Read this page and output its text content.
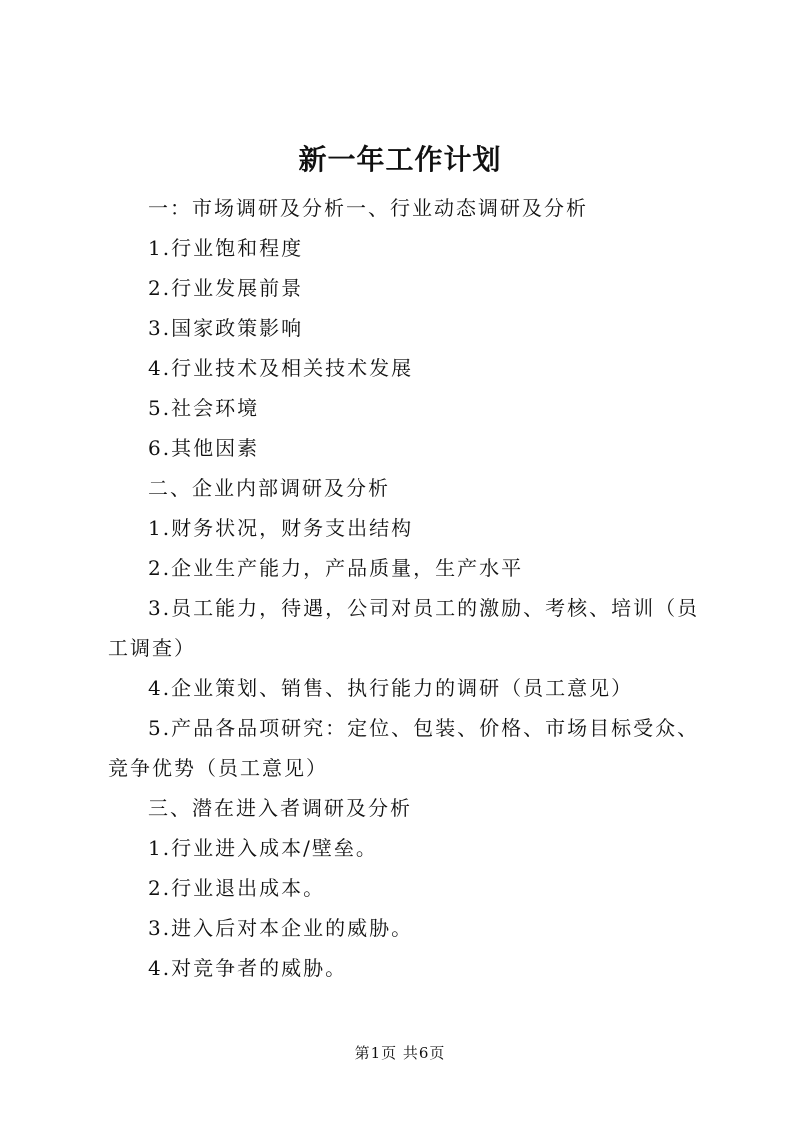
新一年工作计划

一：市场调研及分析一、行业动态调研及分析

1.行业饱和程度

2.行业发展前景

3.国家政策影响

4.行业技术及相关技术发展

5.社会环境

6.其他因素

二、企业内部调研及分析

1.财务状况，财务支出结构

2.企业生产能力，产品质量，生产水平

3.员工能力，待遇，公司对员工的激励、考核、培训（员工调查）

4.企业策划、销售、执行能力的调研（员工意见）

5.产品各品项研究：定位、包装、价格、市场目标受众、竞争优势（员工意见）

三、潜在进入者调研及分析

1.行业进入成本/壁垒。

2.行业退出成本。

3.进入后对本企业的威胁。

4.对竞争者的威胁。

第1页 共6页
